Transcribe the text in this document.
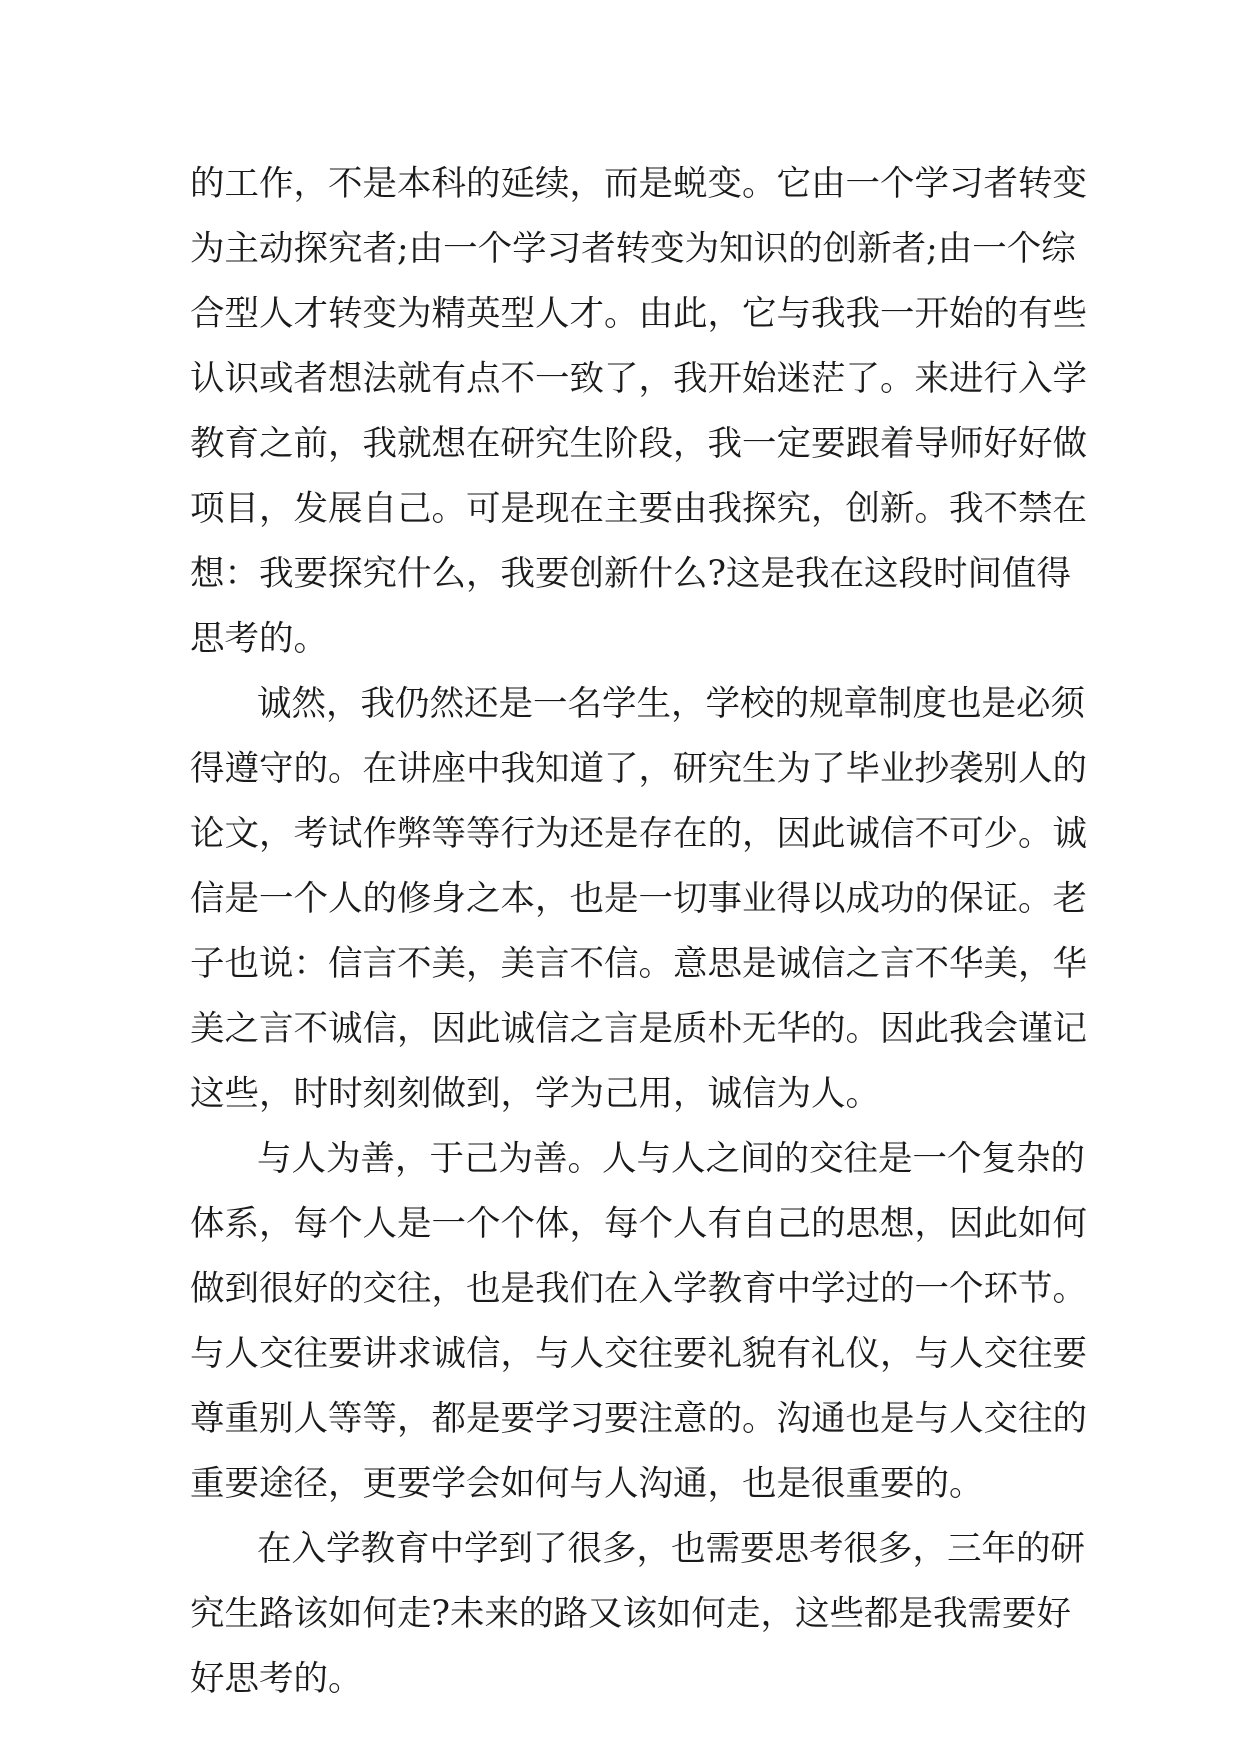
的工作，不是本科的延续，而是蜕变。它由一个学习者转变
为主动探究者;由一个学习者转变为知识的创新者;由一个综
合型人才转变为精英型人才。由此，它与我我一开始的有些
认识或者想法就有点不一致了，我开始迷茫了。来进行入学
教育之前，我就想在研究生阶段，我一定要跟着导师好好做
项目，发展自己。可是现在主要由我探究，创新。我不禁在
想：我要探究什么，我要创新什么?这是我在这段时间值得
思考的。
诚然，我仍然还是一名学生，学校的规章制度也是必须
得遵守的。在讲座中我知道了，研究生为了毕业抄袭别人的
论文，考试作弊等等行为还是存在的，因此诚信不可少。诚
信是一个人的修身之本，也是一切事业得以成功的保证。老
子也说：信言不美，美言不信。意思是诚信之言不华美，华
美之言不诚信，因此诚信之言是质朴无华的。因此我会谨记
这些，时时刻刻做到，学为己用，诚信为人。
与人为善，于己为善。人与人之间的交往是一个复杂的
体系，每个人是一个个体，每个人有自己的思想，因此如何
做到很好的交往，也是我们在入学教育中学过的一个环节。
与人交往要讲求诚信，与人交往要礼貌有礼仪，与人交往要
尊重别人等等，都是要学习要注意的。沟通也是与人交往的
重要途径，更要学会如何与人沟通，也是很重要的。
在入学教育中学到了很多，也需要思考很多，三年的研
究生路该如何走?未来的路又该如何走，这些都是我需要好
好思考的。
